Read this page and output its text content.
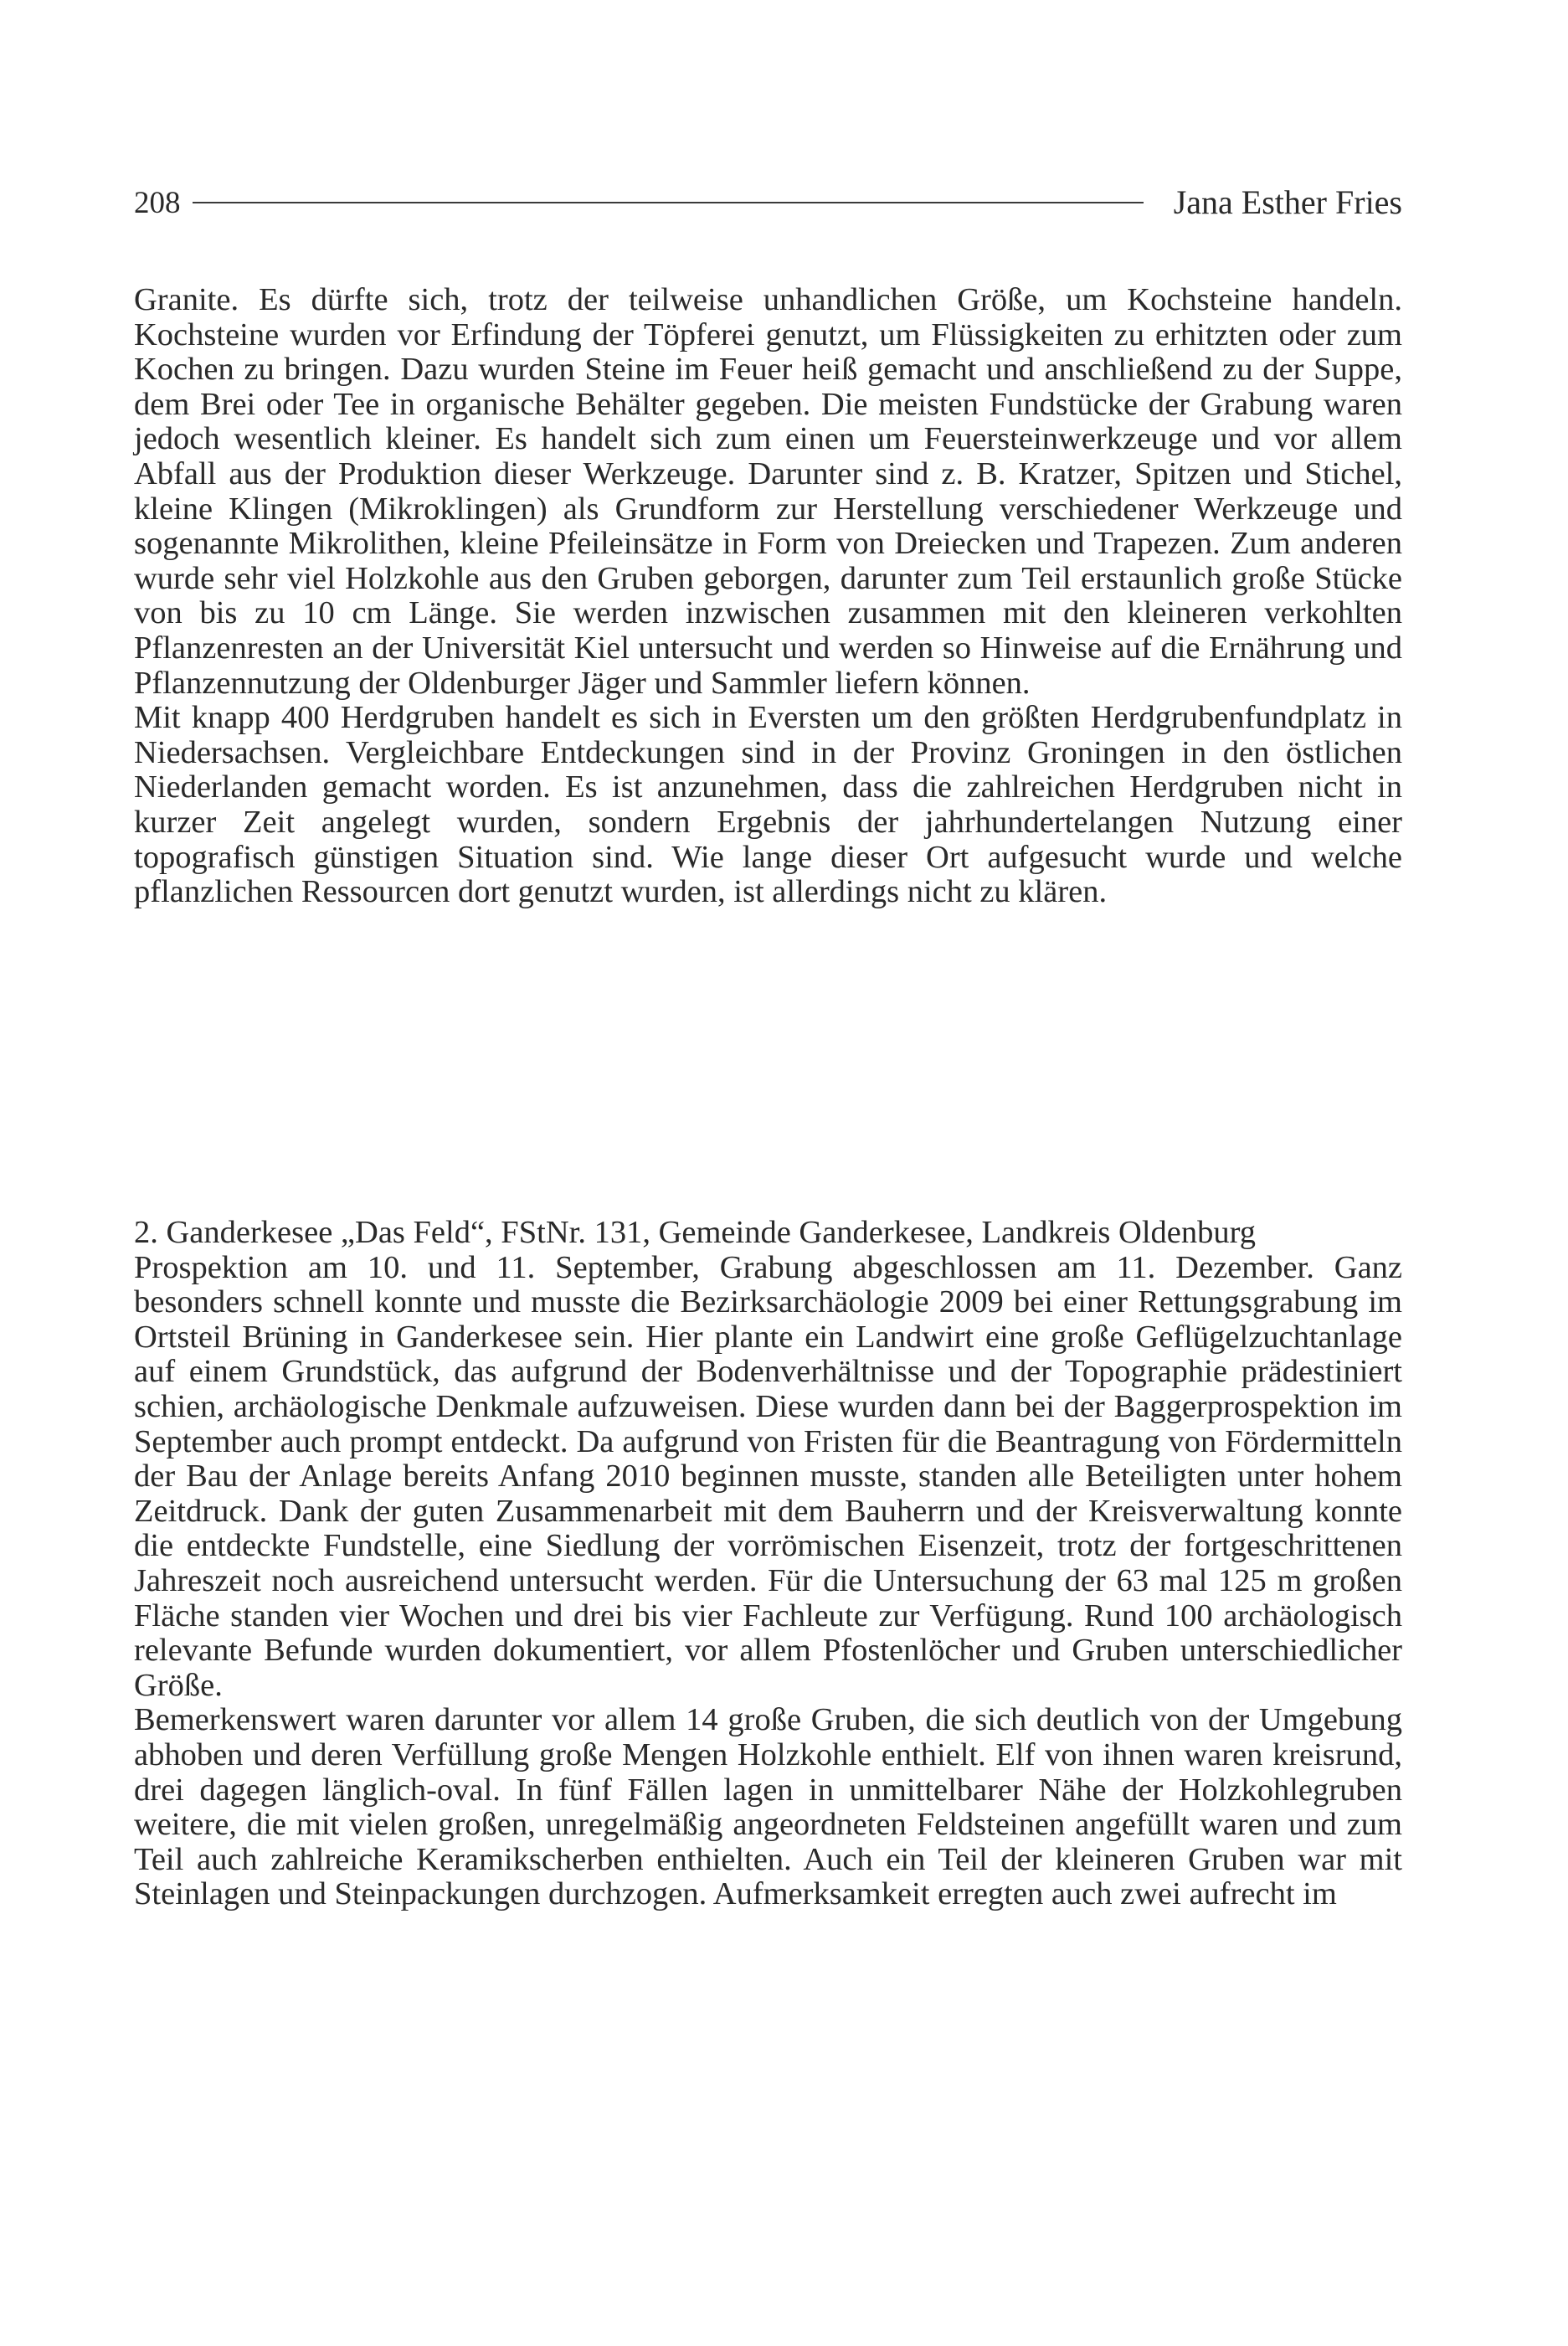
208	Jana Esther Fries

Granite. Es dürfte sich, trotz der teilweise unhandlichen Größe, um Kochsteine handeln. Kochsteine wurden vor Erfindung der Töpferei genutzt, um Flüssigkeiten zu erhitzten oder zum Kochen zu bringen. Dazu wurden Steine im Feuer heiß gemacht und anschließend zu der Suppe, dem Brei oder Tee in organische Behälter gegeben. Die meisten Fundstücke der Grabung waren jedoch wesentlich kleiner. Es handelt sich zum einen um Feuersteinwerkzeuge und vor allem Abfall aus der Produktion dieser Werkzeuge. Darunter sind z. B. Kratzer, Spitzen und Stichel, kleine Klingen (Mikroklingen) als Grundform zur Herstellung verschiedener Werkzeuge und sogenannte Mikrolithen, kleine Pfeileinsätze in Form von Dreiecken und Trapezen. Zum anderen wurde sehr viel Holzkohle aus den Gruben geborgen, darunter zum Teil erstaunlich große Stücke von bis zu 10 cm Länge. Sie werden inzwischen zusammen mit den kleineren verkohlten Pflanzenresten an der Universität Kiel untersucht und werden so Hinweise auf die Ernährung und Pflanzennutzung der Oldenburger Jäger und Sammler liefern können.

Mit knapp 400 Herdgruben handelt es sich in Eversten um den größten Herdgrubenfundplatz in Niedersachsen. Vergleichbare Entdeckungen sind in der Provinz Groningen in den östlichen Niederlanden gemacht worden. Es ist anzunehmen, dass die zahlreichen Herdgruben nicht in kurzer Zeit angelegt wurden, sondern Ergebnis der jahrhundertelangen Nutzung einer topografisch günstigen Situation sind. Wie lange dieser Ort aufgesucht wurde und welche pflanzlichen Ressourcen dort genutzt wurden, ist allerdings nicht zu klären.

2. Ganderkesee „Das Feld“, FStNr. 131, Gemeinde Ganderkesee, Landkreis Oldenburg

Prospektion am 10. und 11. September, Grabung abgeschlossen am 11. Dezember. Ganz besonders schnell konnte und musste die Bezirksarchäologie 2009 bei einer Rettungsgrabung im Ortsteil Brüning in Ganderkesee sein. Hier plante ein Landwirt eine große Geflügelzuchtanlage auf einem Grundstück, das aufgrund der Bodenverhältnisse und der Topographie prädestiniert schien, archäologische Denkmale aufzuweisen. Diese wurden dann bei der Baggerprospektion im September auch prompt entdeckt. Da aufgrund von Fristen für die Beantragung von Fördermitteln der Bau der Anlage bereits Anfang 2010 beginnen musste, standen alle Beteiligten unter hohem Zeitdruck. Dank der guten Zusammenarbeit mit dem Bauherrn und der Kreisverwaltung konnte die entdeckte Fundstelle, eine Siedlung der vorrömischen Eisenzeit, trotz der fortgeschrittenen Jahreszeit noch ausreichend untersucht werden. Für die Untersuchung der 63 mal 125 m großen Fläche standen vier Wochen und drei bis vier Fachleute zur Verfügung. Rund 100 archäologisch relevante Befunde wurden dokumentiert, vor allem Pfostenlöcher und Gruben unterschiedlicher Größe.

Bemerkenswert waren darunter vor allem 14 große Gruben, die sich deutlich von der Umgebung abhoben und deren Verfüllung große Mengen Holzkohle enthielt. Elf von ihnen waren kreisrund, drei dagegen länglich-oval. In fünf Fällen lagen in unmittelbarer Nähe der Holzkohlegruben weitere, die mit vielen großen, unregelmäßig angeordneten Feldsteinen angefüllt waren und zum Teil auch zahlreiche Keramikscherben enthielten. Auch ein Teil der kleineren Gruben war mit Steinlagen und Steinpackungen durchzogen. Aufmerksamkeit erregten auch zwei aufrecht im
